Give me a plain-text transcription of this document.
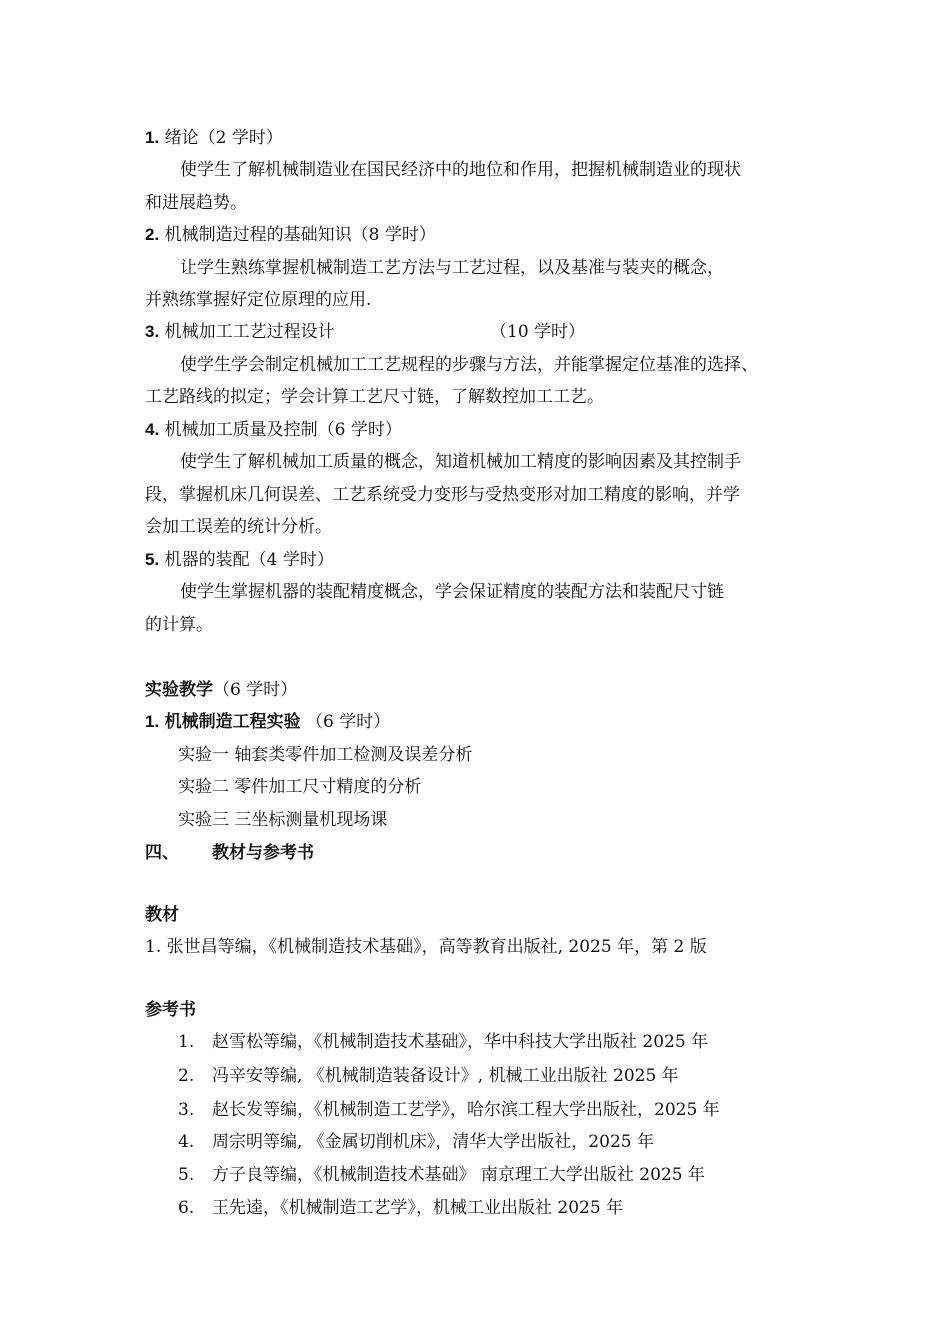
1. 绪论（2 学时）
使学生了解机械制造业在国民经济中的地位和作用，把握机械制造业的现状
和进展趋势。
2. 机械制造过程的基础知识（8 学时）
让学生熟练掌握机械制造工艺方法与工艺过程，以及基准与装夹的概念，
并熟练掌握好定位原理的应用.
3. 机械加工工艺过程设计	（10 学时）
使学生学会制定机械加工工艺规程的步骤与方法，并能掌握定位基准的选择、
工艺路线的拟定；学会计算工艺尺寸链，了解数控加工工艺。
4. 机械加工质量及控制（6 学时）
使学生了解机械加工质量的概念，知道机械加工精度的影响因素及其控制手
段，掌握机床几何误差、工艺系统受力变形与受热变形对加工精度的影响，并学
会加工误差的统计分析。
5. 机器的装配（4 学时）
使学生掌握机器的装配精度概念，学会保证精度的装配方法和装配尺寸链
的计算。
实验教学（6 学时）
1. 机械制造工程实验 （6 学时）
实验一 轴套类零件加工检测及误差分析
实验二 零件加工尺寸精度的分析
实验三 三坐标测量机现场课
四、 教材与参考书
教材
1. 张世昌等编，《机械制造技术基础》，高等教育出版社, 2025 年，第 2 版
参考书
1. 赵雪松等编，《机械制造技术基础》，华中科技大学出版社 2025 年
2. 冯辛安等编, 《机械制造装备设计》, 机械工业出版社 2025 年
3. 赵长发等编，《机械制造工艺学》，哈尔滨工程大学出版社，2025 年
4. 周宗明等编, 《金属切削机床》，清华大学出版社，2025 年
5. 方子良等编，《机械制造技术基础》 南京理工大学出版社 2025 年
6. 王先逵，《机械制造工艺学》，机械工业出版社 2025 年
